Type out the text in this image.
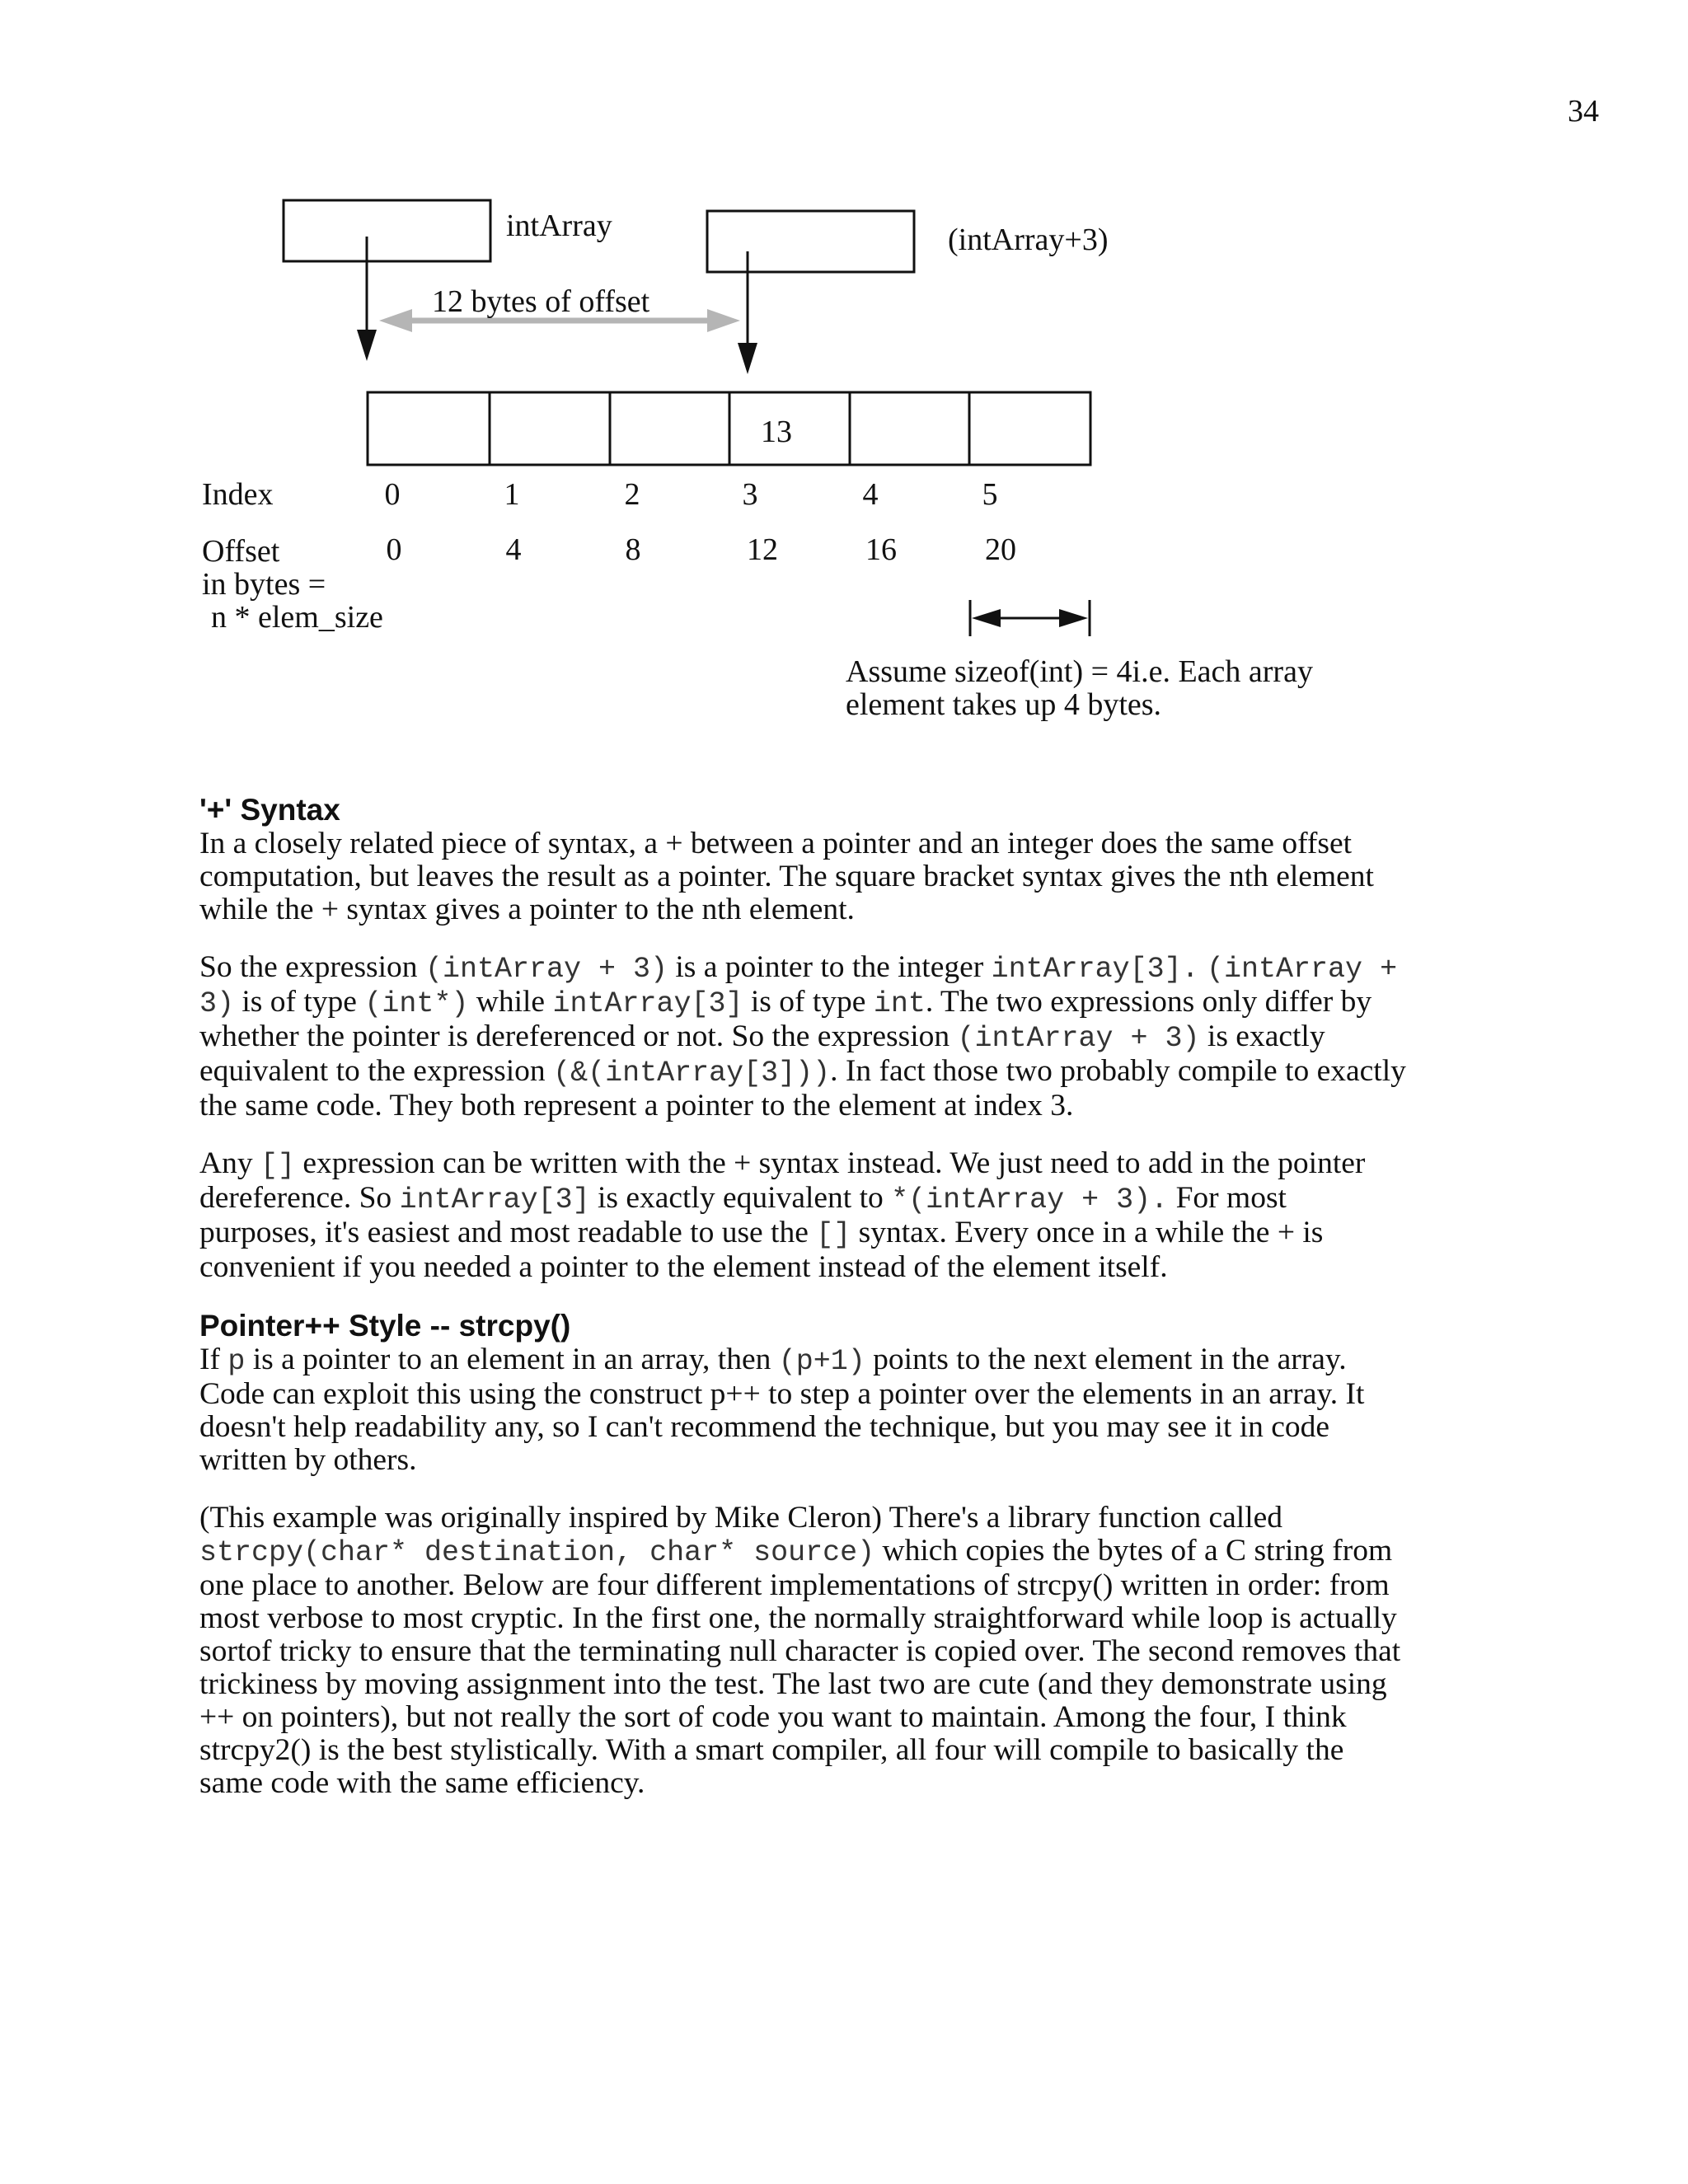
34
intArray	(intArray+3)
12 bytes of offset
13
Index	0	1	2	3	4	5
Offset
in bytes =
n * elem_size
0	4	8	12	16	20
Assume sizeof(int) = 4i.e. Each array
element takes up 4 bytes.
'+' Syntax

In a closely related piece of syntax, a + between a pointer and an integer does the same offset computation, but leaves the result as a pointer. The square bracket syntax gives the nth element while the + syntax gives a pointer to the nth element.

So the expression (intArray + 3) is a pointer to the integer intArray[3]. (intArray + 3) is of type (int*) while intArray[3] is of type int. The two expressions only differ by whether the pointer is dereferenced or not. So the expression (intArray + 3) is exactly equivalent to the expression (&(intArray[3])). In fact those two probably compile to exactly the same code. They both represent a pointer to the element at index 3.

Any [] expression can be written with the + syntax instead. We just need to add in the pointer dereference. So intArray[3] is exactly equivalent to *(intArray + 3). For most purposes, it's easiest and most readable to use the [] syntax. Every once in a while the + is convenient if you needed a pointer to the element instead of the element itself.

Pointer++ Style -- strcpy()

If p is a pointer to an element in an array, then (p+1) points to the next element in the array. Code can exploit this using the construct p++ to step a pointer over the elements in an array. It doesn't help readability any, so I can't recommend the technique, but you may see it in code written by others.

(This example was originally inspired by Mike Cleron) There's a library function called strcpy(char* destination, char* source) which copies the bytes of a C string from one place to another. Below are four different implementations of strcpy() written in order: from most verbose to most cryptic. In the first one, the normally straightforward while loop is actually sortof tricky to ensure that the terminating null character is copied over. The second removes that trickiness by moving assignment into the test. The last two are cute (and they demonstrate using ++ on pointers), but not really the sort of code you want to maintain. Among the four, I think strcpy2() is the best stylistically. With a smart compiler, all four will compile to basically the same code with the same efficiency.
